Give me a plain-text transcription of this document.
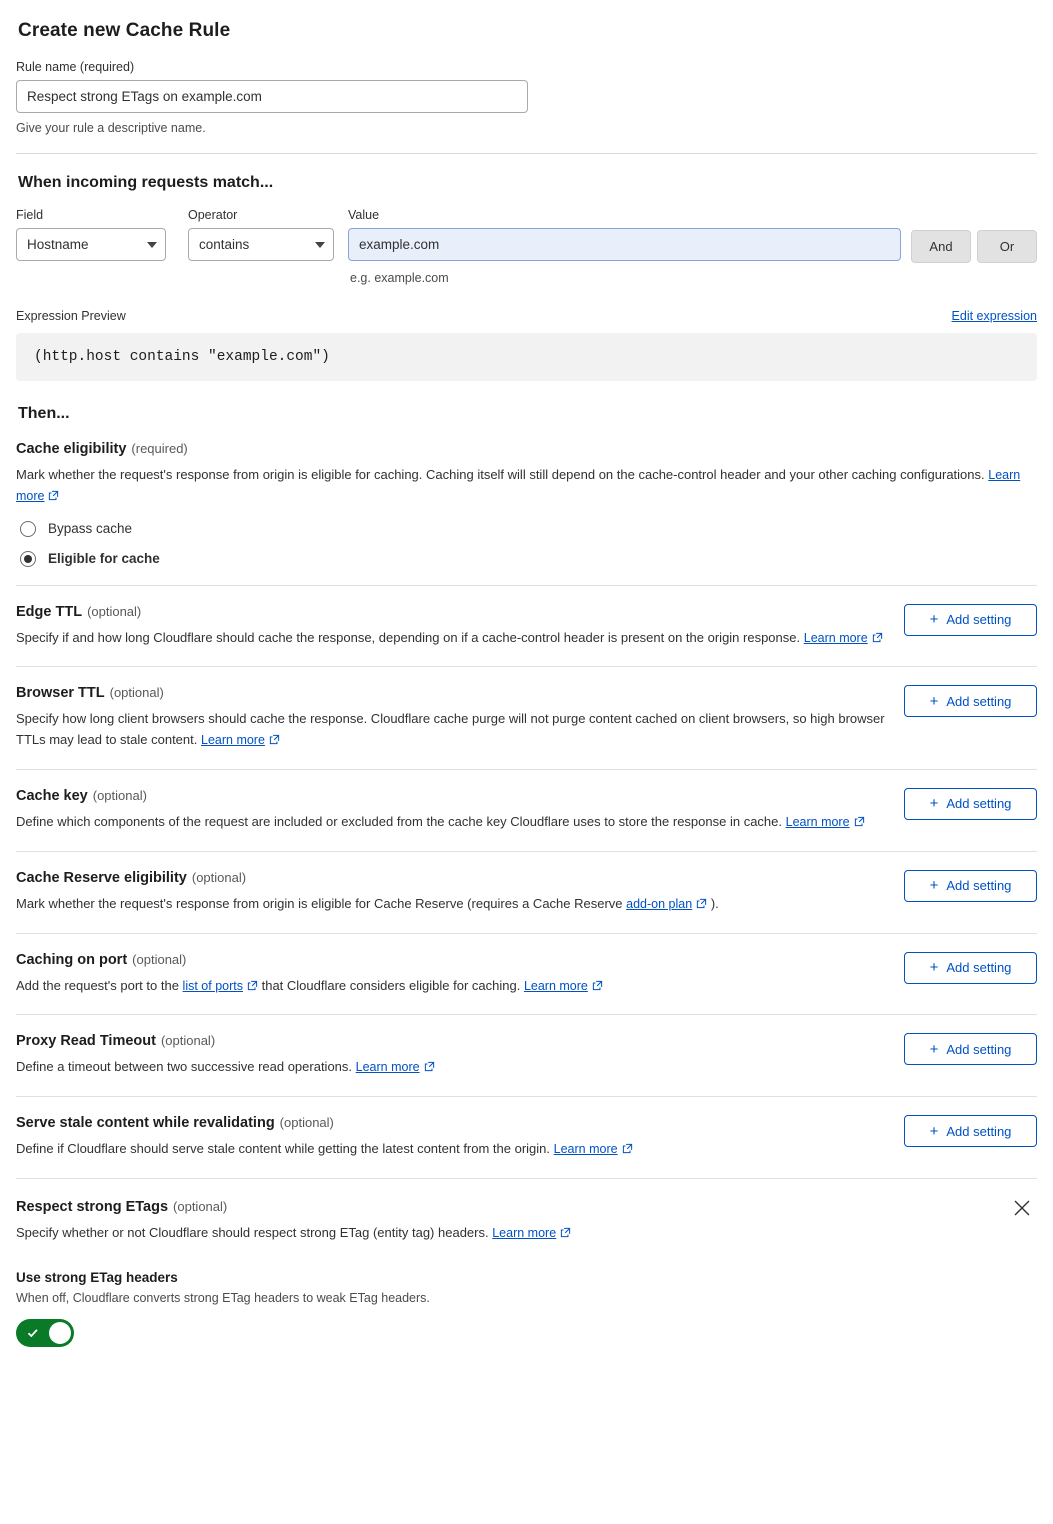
Create new Cache Rule
Rule name (required)
Respect strong ETags on example.com
Give your rule a descriptive name.
When incoming requests match...
Field
Hostname
Operator
contains
Value
example.com
e.g. example.com
And	Or
Expression Preview	Edit expression
(http.host contains "example.com")
Then...
Cache eligibility (required)

Mark whether the request's response from origin is eligible for caching. Caching itself will still depend on the cache-control header and your other caching configurations. Learn more

Bypass cache
Eligible for cache
Edge TTL (optional)

Specify if and how long Cloudflare should cache the response, depending on if a cache-control header is present on the origin response. Learn more

+ Add setting
Browser TTL (optional)

Specify how long client browsers should cache the response. Cloudflare cache purge will not purge content cached on client browsers, so high browser TTLs may lead to stale content. Learn more

+ Add setting
Cache key (optional)

Define which components of the request are included or excluded from the cache key Cloudflare uses to store the response in cache. Learn more

+ Add setting
Cache Reserve eligibility (optional)

Mark whether the request's response from origin is eligible for Cache Reserve (requires a Cache Reserve add-on plan ).

+ Add setting
Caching on port (optional)

Add the request's port to the list of ports that Cloudflare considers eligible for caching. Learn more

+ Add setting
Proxy Read Timeout (optional)

Define a timeout between two successive read operations. Learn more

+ Add setting
Serve stale content while revalidating (optional)

Define if Cloudflare should serve stale content while getting the latest content from the origin. Learn more

+ Add setting
Respect strong ETags (optional)

Specify whether or not Cloudflare should respect strong ETag (entity tag) headers. Learn more

Use strong ETag headers

When off, Cloudflare converts strong ETag headers to weak ETag headers.
